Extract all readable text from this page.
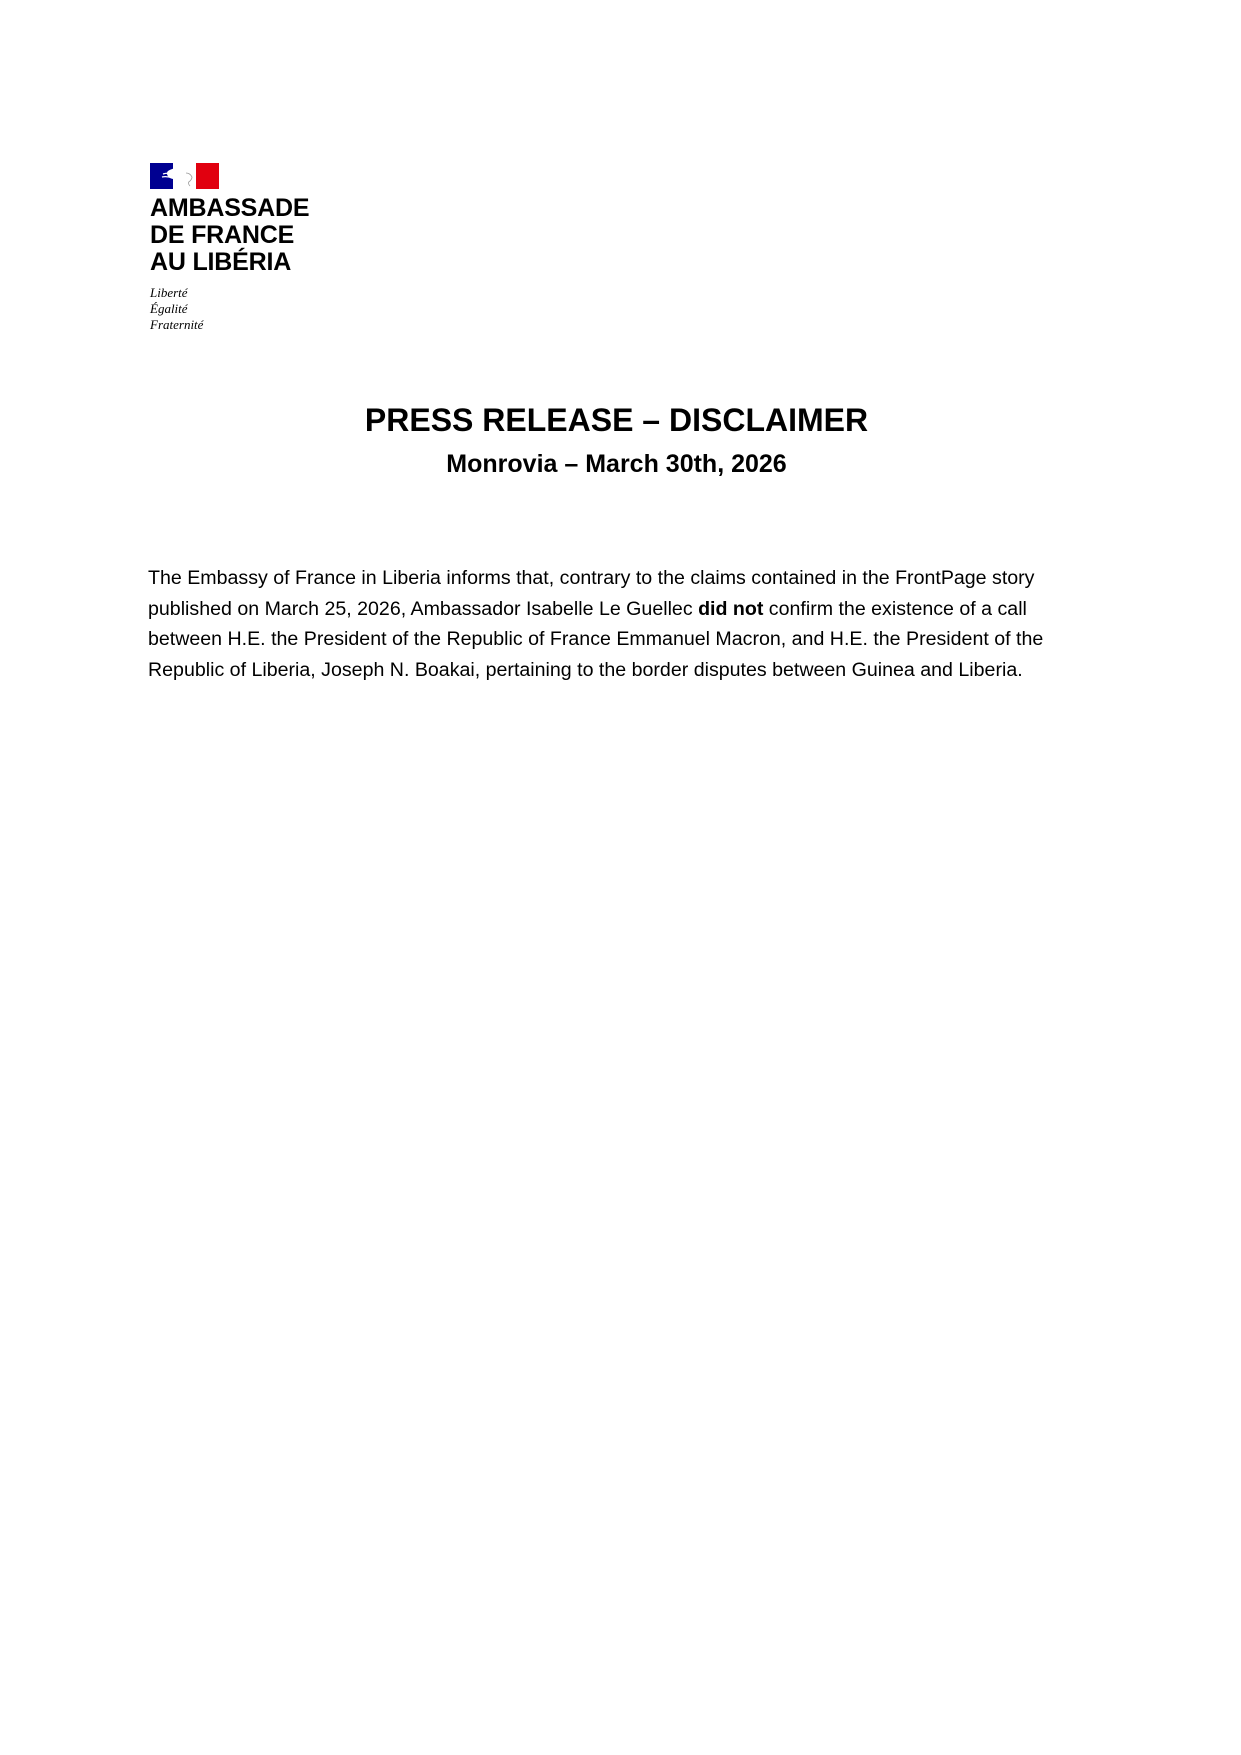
AMBASSADE
DE FRANCE
AU LIBÉRIA
Liberté
Égalité
Fraternité
PRESS RELEASE – DISCLAIMER
Monrovia – March 30th, 2026

The Embassy of France in Liberia informs that, contrary to the claims contained in the FrontPage story
published on March 25, 2026, Ambassador Isabelle Le Guellec did not confirm the existence of a call
between H.E. the President of the Republic of France Emmanuel Macron, and H.E. the President of the
Republic of Liberia, Joseph N. Boakai, pertaining to the border disputes between Guinea and Liberia.
